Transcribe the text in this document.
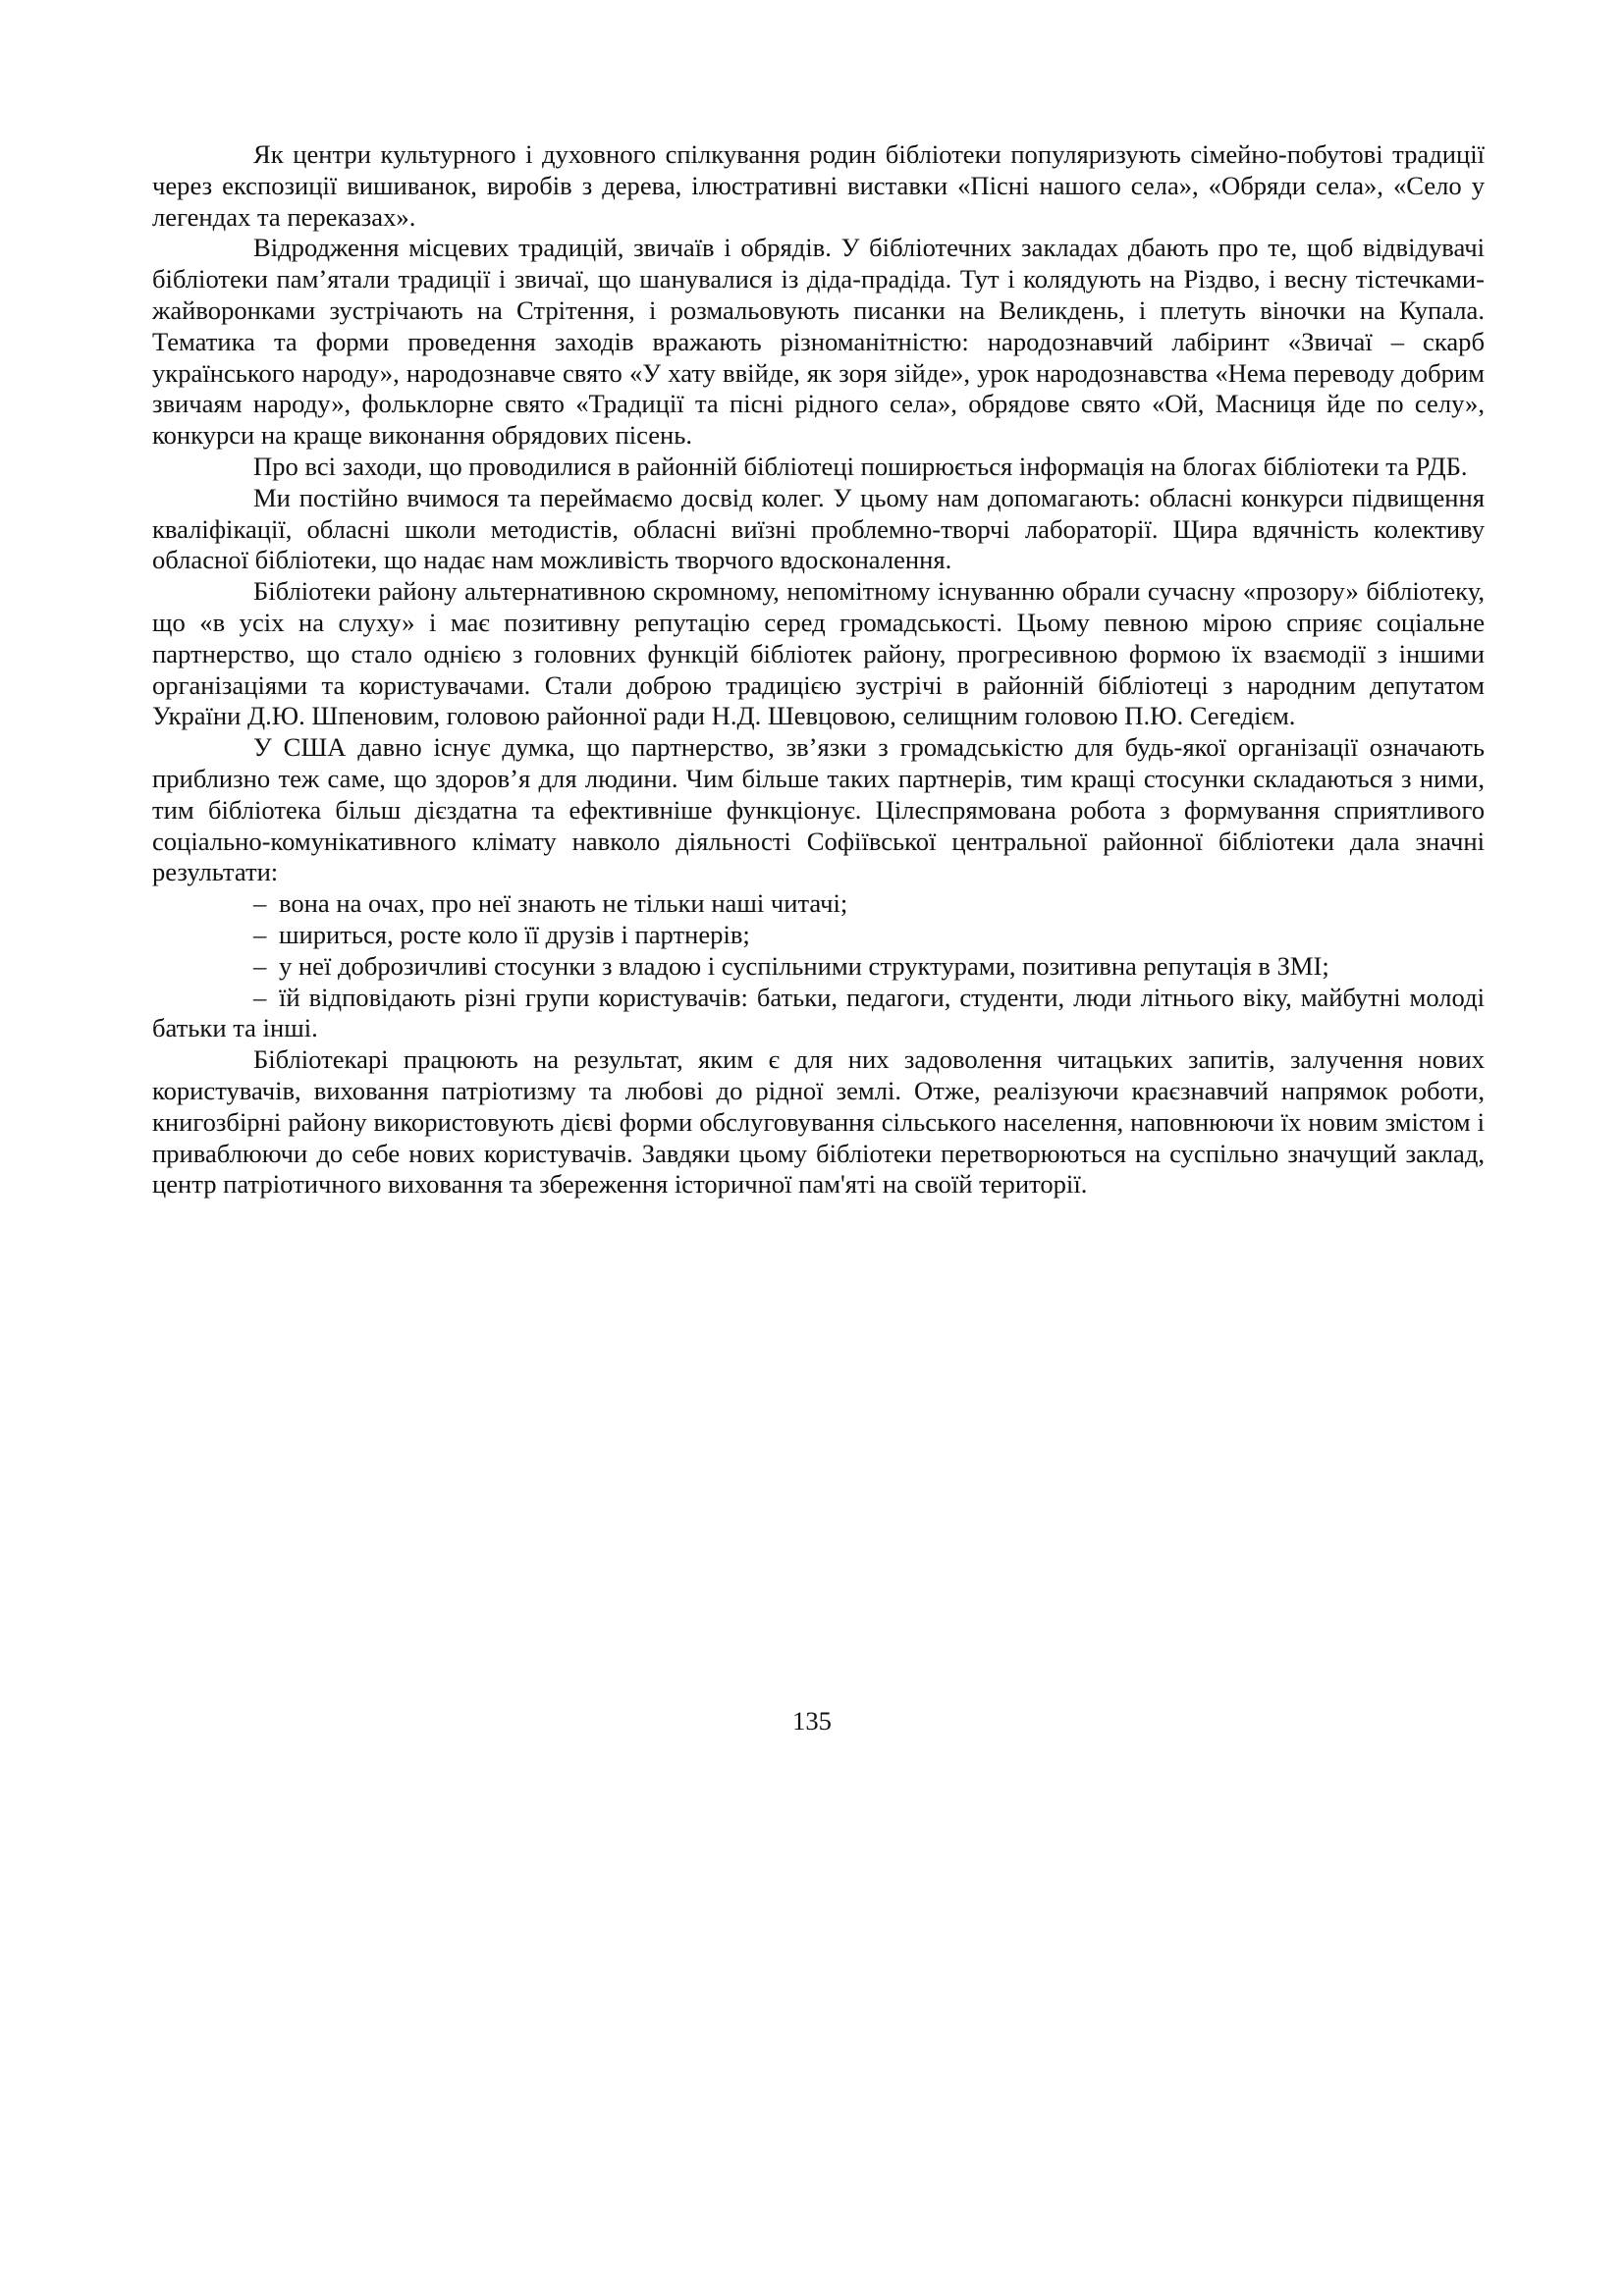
Як центри культурного і духовного спілкування родин бібліотеки популяризують сімейно-побутові традиції через експозиції вишиванок, виробів з дерева, ілюстративні виставки «Пісні нашого села», «Обряди села», «Село у легендах та переказах».

Відродження місцевих традицій, звичаїв і обрядів. У бібліотечних закладах дбають про те, щоб відвідувачі бібліотеки пам’ятали традиції і звичаї, що шанувалися із діда-прадіда. Тут і колядують на Різдво, і весну тістечками-жайворонками зустрічають на Стрітення, і розмальовують писанки на Великдень, і плетуть віночки на Купала. Тематика та форми проведення заходів вражають різноманітністю: народознавчий лабіринт «Звичаї – скарб українського народу», народознавче свято «У хату ввійде, як зоря зійде», урок народознавства «Нема переводу добрим звичаям народу», фольклорне свято «Традиції та пісні рідного села», обрядове свято «Ой, Масниця йде по селу», конкурси на краще виконання обрядових пісень.

Про всі заходи, що проводилися в районній бібліотеці поширюється інформація на блогах бібліотеки та РДБ.

Ми постійно вчимося та переймаємо досвід колег. У цьому нам допомагають: обласні конкурси підвищення кваліфікації, обласні школи методистів, обласні виїзні проблемно-творчі лабораторії. Щира вдячність колективу обласної бібліотеки, що надає нам можливість творчого вдосконалення.

Бібліотеки району альтернативною скромному, непомітному існуванню обрали сучасну «прозору» бібліотеку, що «в усіх на слуху» і має позитивну репутацію серед громадськості. Цьому певною мірою сприяє соціальне партнерство, що стало однією з головних функцій бібліотек району, прогресивною формою їх взаємодії з іншими організаціями та користувачами. Стали доброю традицією зустрічі в районній бібліотеці з народним депутатом України Д.Ю. Шпеновим, головою районної ради Н.Д. Шевцовою, селищним головою П.Ю. Сегедієм.

У США давно існує думка, що партнерство, зв’язки з громадськістю для будь-якої організації означають приблизно теж саме, що здоров’я для людини. Чим більше таких партнерів, тим кращі стосунки складаються з ними, тим бібліотека більш дієздатна та ефективніше функціонує. Цілеспрямована робота з формування сприятливого соціально-комунікативного клімату навколо діяльності Софіївської центральної районної бібліотеки дала значні результати:

– вона на очах, про неї знають не тільки наші читачі;
– шириться, росте коло її друзів і партнерів;
– у неї доброзичливі стосунки з владою і суспільними структурами, позитивна репутація в ЗМІ;
– їй відповідають різні групи користувачів: батьки, педагоги, студенти, люди літнього віку, майбутні молоді батьки та інші.

Бібліотекарі працюють на результат, яким є для них задоволення читацьких запитів, залучення нових користувачів, виховання патріотизму та любові до рідної землі. Отже, реалізуючи краєзнавчий напрямок роботи, книгозбірні району використовують дієві форми обслуговування сільського населення, наповнюючи їх новим змістом і приваблюючи до себе нових користувачів. Завдяки цьому бібліотеки перетворюються на суспільно значущий заклад, центр патріотичного виховання та збереження історичної пам'яті на своїй території.

135
